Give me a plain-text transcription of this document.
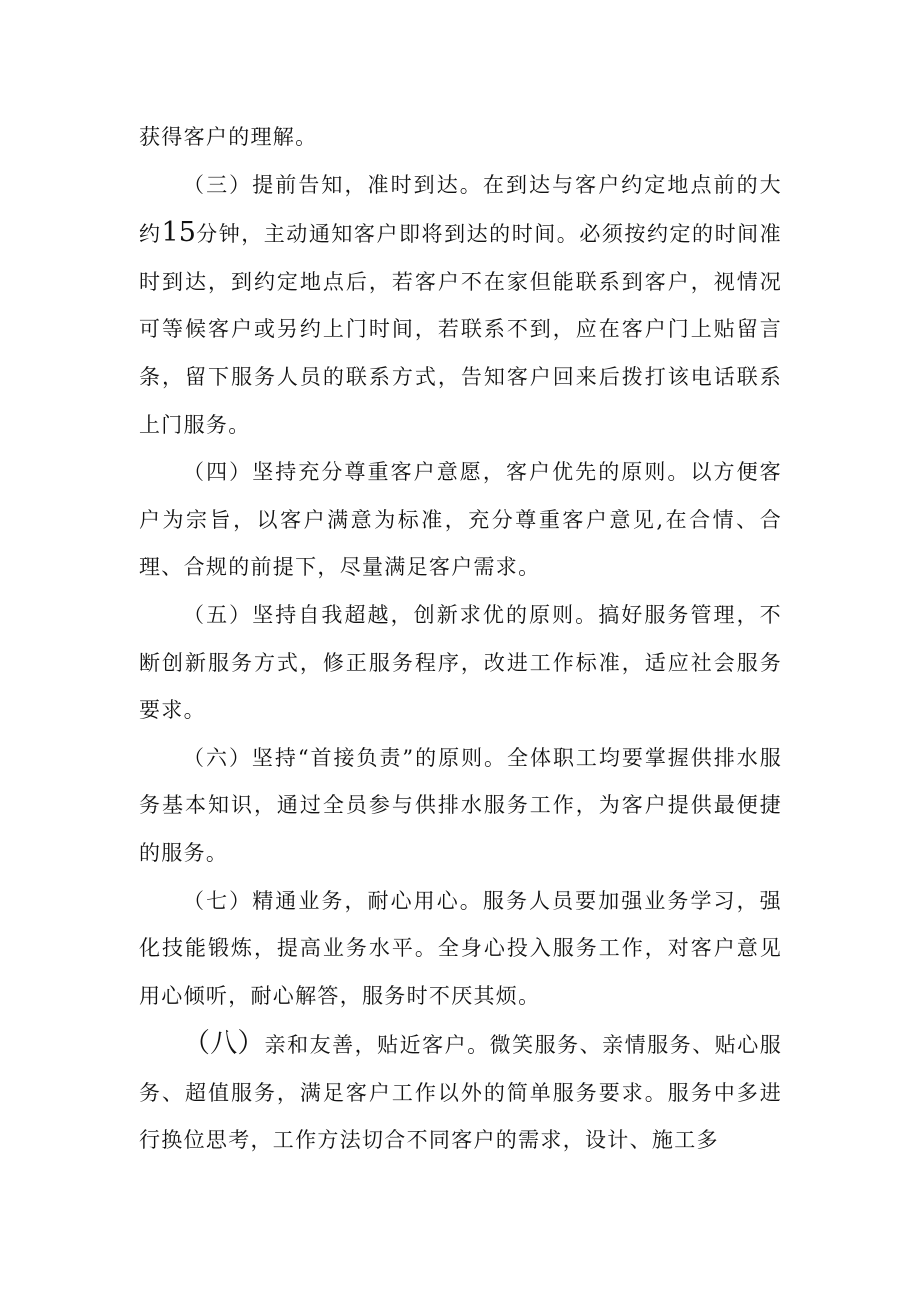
获得客户的理解。

（三）提前告知，准时到达。在到达与客户约定地点前的大约15分钟，主动通知客户即将到达的时间。必须按约定的时间准时到达，到约定地点后，若客户不在家但能联系到客户，视情况可等候客户或另约上门时间，若联系不到，应在客户门上贴留言条，留下服务人员的联系方式，告知客户回来后拨打该电话联系上门服务。

（四）坚持充分尊重客户意愿，客户优先的原则。以方便客户为宗旨，以客户满意为标准，充分尊重客户意见,在合情、合理、合规的前提下，尽量满足客户需求。

（五）坚持自我超越，创新求优的原则。搞好服务管理，不断创新服务方式，修正服务程序，改进工作标准，适应社会服务要求。

（六）坚持“首接负责”的原则。全体职工均要掌握供排水服务基本知识，通过全员参与供排水服务工作，为客户提供最便捷的服务。

（七）精通业务，耐心用心。服务人员要加强业务学习，强化技能锻炼，提高业务水平。全身心投入服务工作，对客户意见用心倾听，耐心解答，服务时不厌其烦。

（八）亲和友善，贴近客户。微笑服务、亲情服务、贴心服务、超值服务，满足客户工作以外的简单服务要求。服务中多进行换位思考，工作方法切合不同客户的需求，设计、施工多
